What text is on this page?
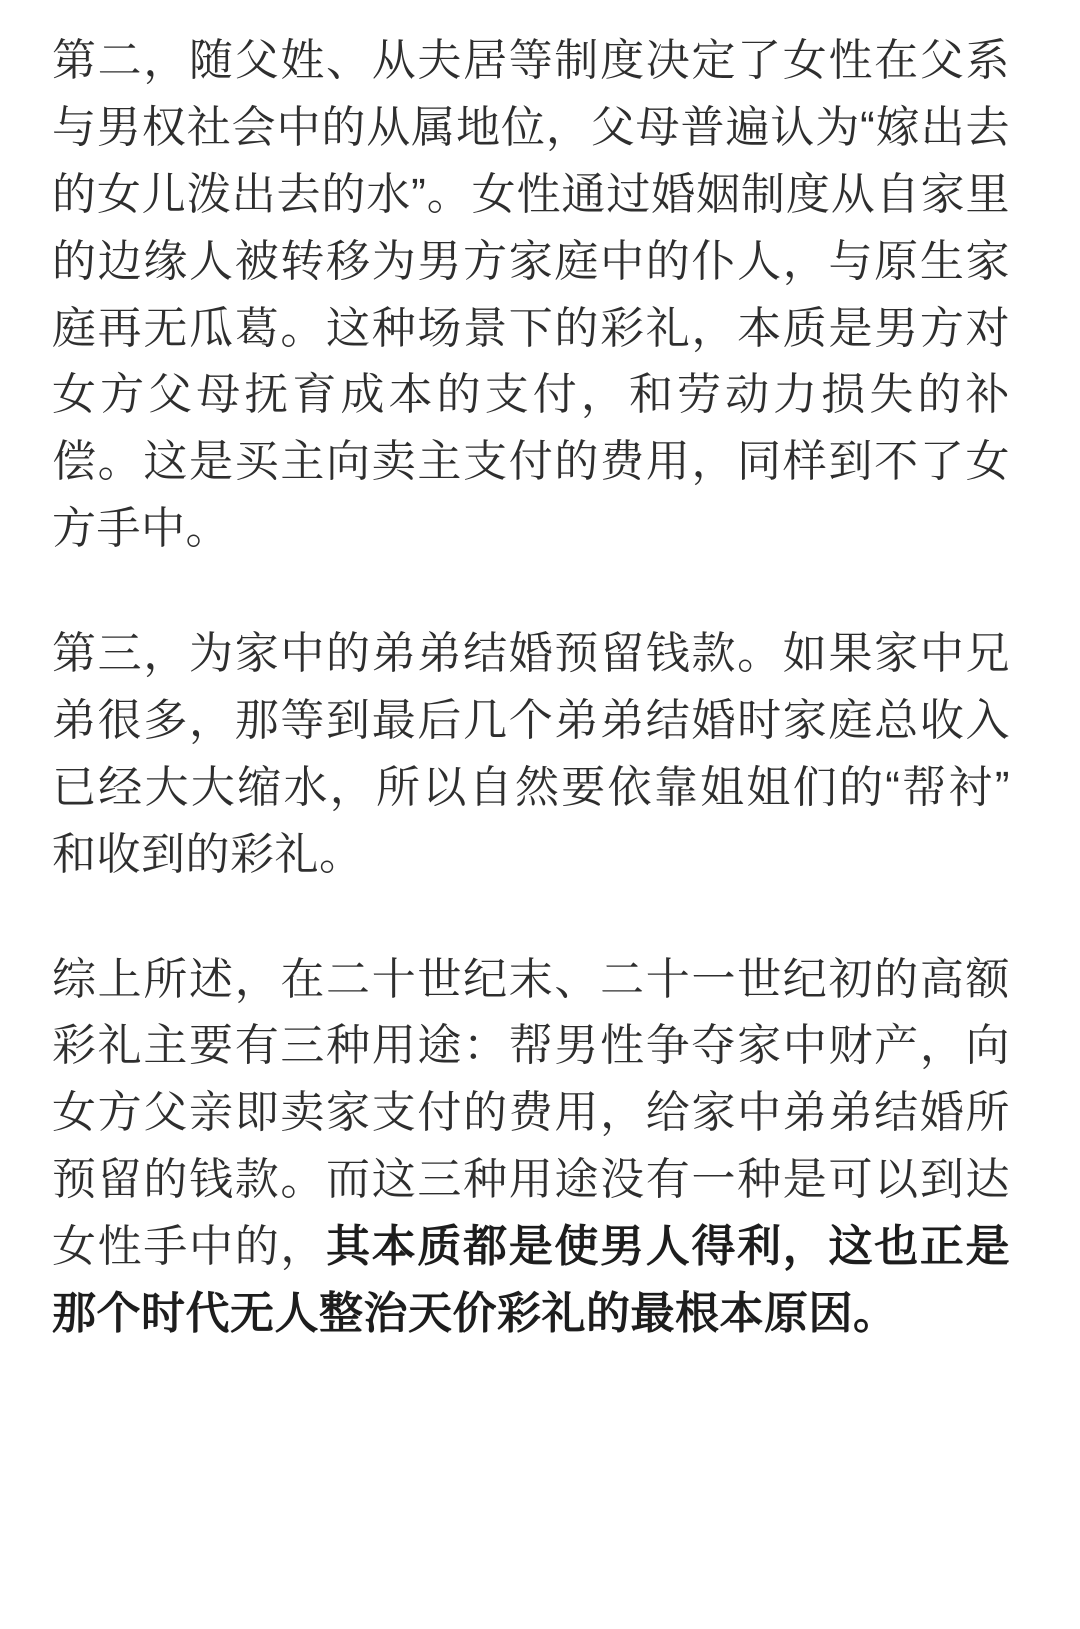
第二，随父姓、从夫居等制度决定了女性在父系与男权社会中的从属地位，父母普遍认为“嫁出去的女儿泼出去的水”。女性通过婚姻制度从自家里的边缘人被转移为男方家庭中的仆人，与原生家庭再无瓜葛。这种场景下的彩礼，本质是男方对女方父母抚育成本的支付，和劳动力损失的补偿。这是买主向卖主支付的费用，同样到不了女方手中。

第三，为家中的弟弟结婚预留钱款。如果家中兄弟很多，那等到最后几个弟弟结婚时家庭总收入已经大大缩水，所以自然要依靠姐姐们的“帮衬”和收到的彩礼。

综上所述，在二十世纪末、二十一世纪初的高额彩礼主要有三种用途：帮男性争夺家中财产，向女方父亲即卖家支付的费用，给家中弟弟结婚所预留的钱款。而这三种用途没有一种是可以到达女性手中的，其本质都是使男人得利，这也正是那个时代无人整治天价彩礼的最根本原因。
